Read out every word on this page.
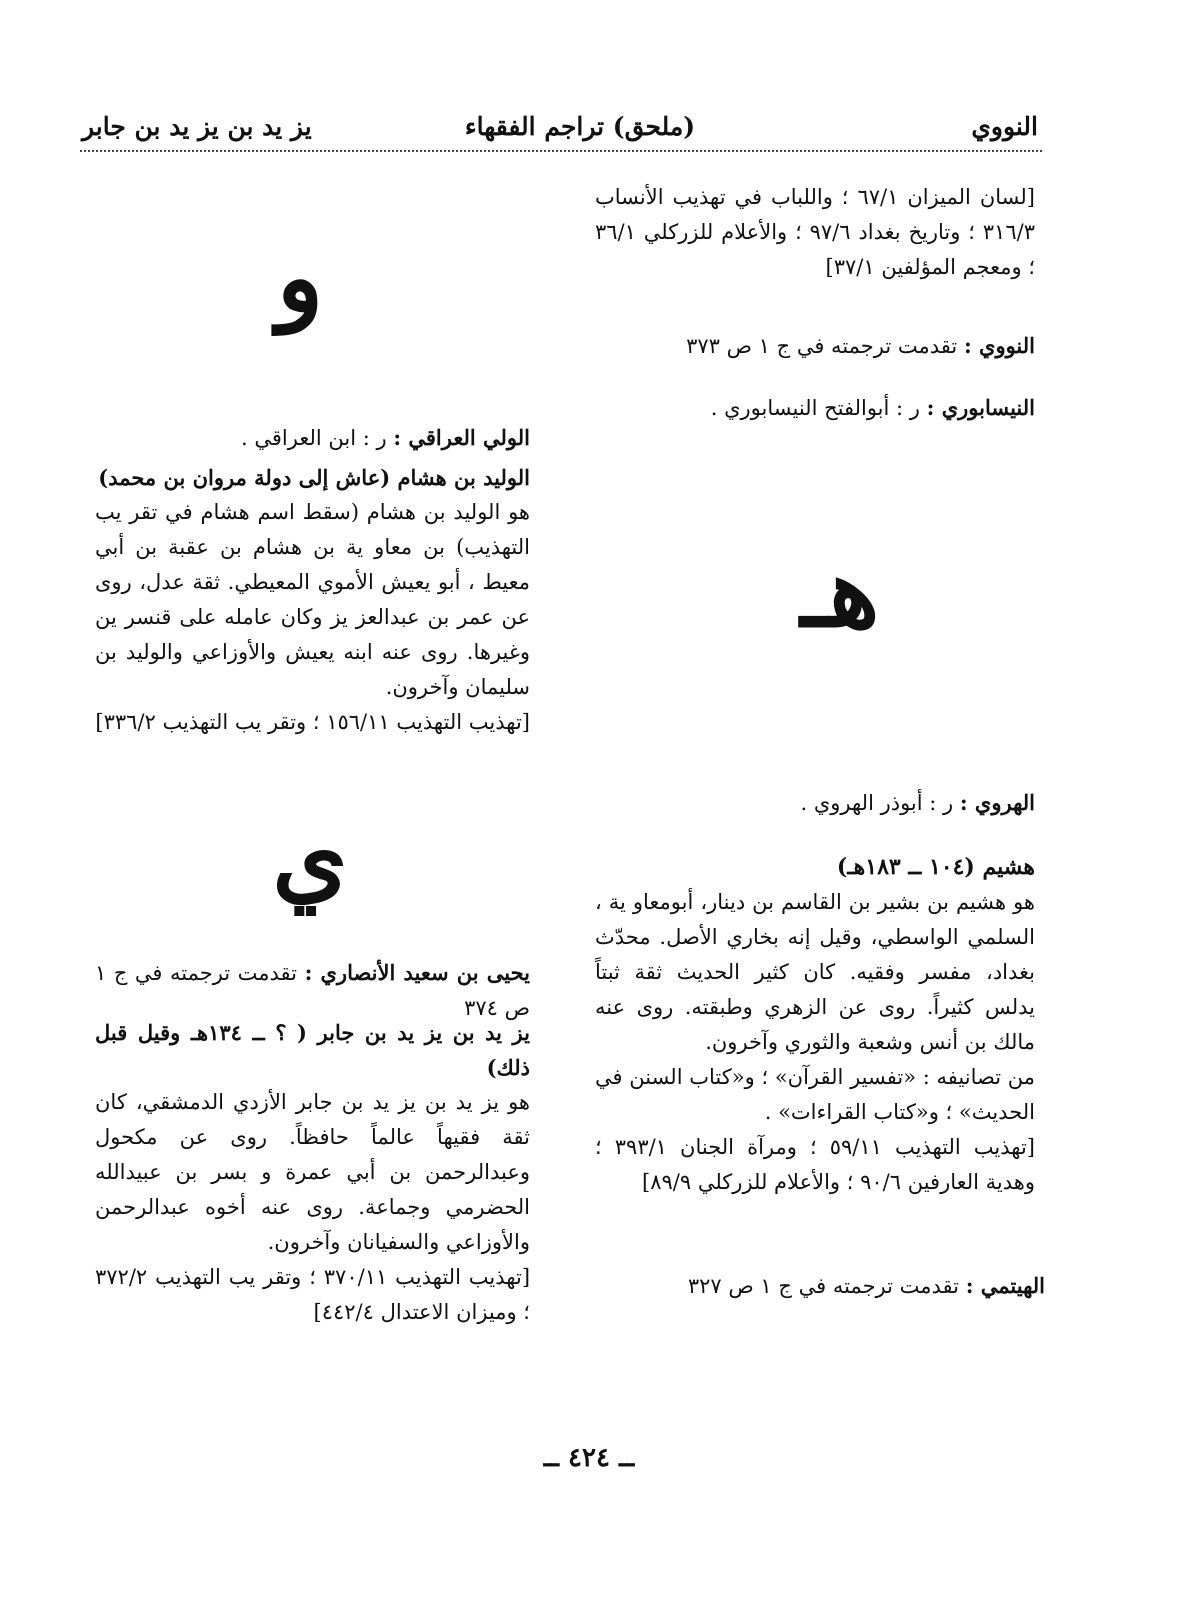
النووي
(ملحق) تراجم الفقهاء
يز يد بن يز يد بن جابر

[لسان الميزان ٦٧/١ ؛ واللباب في تهذيب الأنساب ٣١٦/٣ ؛ وتاريخ بغداد ٩٧/٦ ؛ والأعلام للزركلي ٣٦/١ ؛ ومعجم المؤلفين ٣٧/١]

النووي : تقدمت ترجمته في ج ١ ص ٣٧٣

النيسابوري : ر : أبوالفتح النيسابوري .

هـ

الهروي : ر : أبوذر الهروي .

هشيم (١٠٤ ــ ١٨٣هـ)

هو هشيم بن بشير بن القاسم بن دينار، أبومعاو ية ، السلمي الواسطي، وقيل إنه بخاري الأصل. محدّث بغداد، مفسر وفقيه. كان كثير الحديث ثقة ثبتاً يدلس كثيراً. روى عن الزهري وطبقته. روى عنه مالك بن أنس وشعبة والثوري وآخرون.

من تصانيفه : «تفسير القرآن» ؛ و«كتاب السنن في الحديث» ؛ و«كتاب القراءات» .

[تهذيب التهذيب ٥٩/١١ ؛ ومرآة الجنان ٣٩٣/١ ؛ وهدية العارفين ٩٠/٦ ؛ والأعلام للزركلي ٨٩/٩]

الهيتمي : تقدمت ترجمته في ج ١ ص ٣٢٧

و

الولي العراقي : ر : ابن العراقي .

الوليد بن هشام (عاش إلى دولة مروان بن محمد)

هو الوليد بن هشام (سقط اسم هشام في تقر يب التهذيب) بن معاو ية بن هشام بن عقبة بن أبي معيط ، أبو يعيش الأموي المعيطي. ثقة عدل، روى عن عمر بن عبدالعز يز وكان عامله على قنسر ين وغيرها. روى عنه ابنه يعيش والأوزاعي والوليد بن سليمان وآخرون.

[تهذيب التهذيب ١٥٦/١١ ؛ وتقر يب التهذيب ٣٣٦/٢]

ي

يحيى بن سعيد الأنصاري : تقدمت ترجمته في ج ١ ص ٣٧٤

يز يد بن يز يد بن جابر ( ؟ ــ ١٣٤هـ وقيل قبل ذلك)

هو يز يد بن يز يد بن جابر الأزدي الدمشقي، كان ثقة فقيهاً عالماً حافظاً. روى عن مكحول وعبدالرحمن بن أبي عمرة و بسر بن عبيدالله الحضرمي وجماعة. روى عنه أخوه عبدالرحمن والأوزاعي والسفيانان وآخرون.

[تهذيب التهذيب ٣٧٠/١١ ؛ وتقر يب التهذيب ٣٧٢/٢ ؛ وميزان الاعتدال ٤٤٢/٤]

ــ ٤٢٤ ــ
